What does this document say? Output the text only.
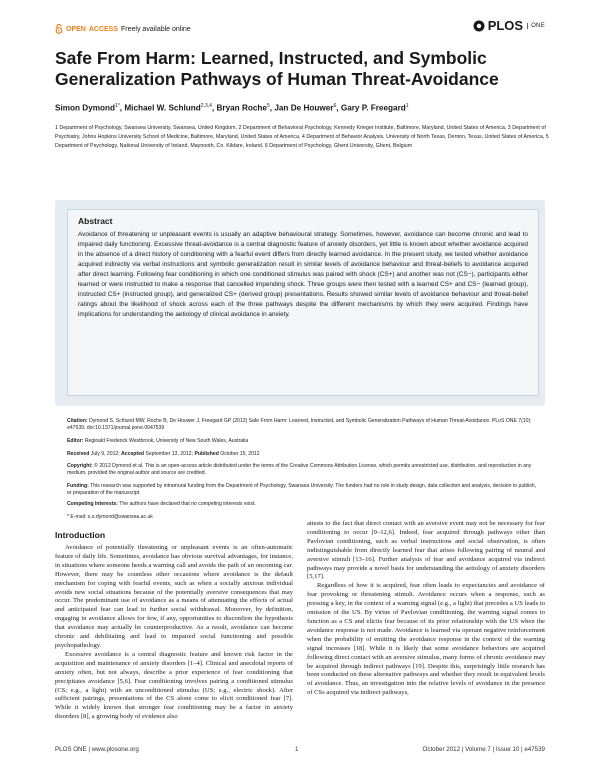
OPEN ACCESS Freely available online	PLOS	ONE
Safe From Harm: Learned, Instructed, and Symbolic Generalization Pathways of Human Threat-Avoidance
Simon Dymond$^{1*}$, Michael W. Schlund$^{2,3,4}$, Bryan Roche$^5$, Jan De Houwer$^6$, Gary P. Freegard$^1$
1 Department of Psychology, Swansea University, Swansea, United Kingdom, 2 Department of Behavioral Psychology, Kennedy Krieger Institute, Baltimore, Maryland, United States of America, 3 Department of Psychiatry, Johns Hopkins University School of Medicine, Baltimore, Maryland, United States of America, 4 Department of Behavior Analysis, University of North Texas, Denton, Texas, United States of America, 5 Department of Psychology, National University of Ireland, Maynooth, Co. Kildare, Ireland, 6 Department of Psychology, Ghent University, Ghent, Belgium
Abstract
Avoidance of threatening or unpleasant events is usually an adaptive behavioural strategy. Sometimes, however, avoidance can become chronic and lead to impaired daily functioning. Excessive threat-avoidance is a central diagnostic feature of anxiety disorders, yet little is known about whether avoidance acquired in the absence of a direct history of conditioning with a fearful event differs from directly learned avoidance. In the present study, we tested whether avoidance acquired indirectly via verbal instructions and symbolic generalization result in similar levels of avoidance behaviour and threat-beliefs to avoidance acquired after direct learning. Following fear conditioning in which one conditioned stimulus was paired with shock (CS+) and another was not (CS−), participants either learned or were instructed to make a response that cancelled impending shock. Three groups were then tested with a learned CS+ and CS− (learned group), instructed CS+ (instructed group), and generalized CS+ (derived group) presentations. Results showed similar levels of avoidance behaviour and threat-belief ratings about the likelihood of shock across each of the three pathways despite the different mechanisms by which they were acquired. Findings have implications for understanding the aetiology of clinical avoidance in anxiety.
Citation: Dymond S, Schlund MW, Roche B, De Houwer J, Freegard GP (2012) Safe From Harm: Learned, Instructed, and Symbolic Generalization Pathways of Human Threat-Avoidance. PLoS ONE 7(10): e47539. doi:10.1371/journal.pone.0047539
Editor: Reginald Frederick Westbrook, University of New South Wales, Australia
Received July 9, 2012; Accepted September 13, 2012; Published October 15, 2012
Copyright: © 2012 Dymond et al. This is an open-access article distributed under the terms of the Creative Commons Attribution License, which permits unrestricted use, distribution, and reproduction in any medium, provided the original author and source are credited.
Funding: This research was supported by intramural funding from the Department of Psychology, Swansea University. The funders had no role in study design, data collection and analysis, decision to publish, or preparation of the manuscript.
Competing Interests: The authors have declared that no competing interests exist.
* E-mail: s.o.dymond@swansea.ac.uk
Introduction

Avoidance of potentially threatening or unpleasant events is an often-automatic feature of daily life. Sometimes, avoidance has obvious survival advantages, for instance, in situations where someone heeds a warning call and avoids the path of an oncoming car. However, there may be countless other occasions where avoidance is the default mechanism for coping with fearful events, such as when a socially anxious individual avoids new social situations because of the potentially aversive consequences that may occur. The predominant use of avoidance as a means of attenuating the effects of actual and anticipated fear can lead to further social withdrawal. Moreover, by definition, engaging in avoidance allows for few, if any, opportunities to disconfirm the hypothesis that avoidance may actually be counterproductive. As a result, avoidance can become chronic and debilitating and lead to impaired social functioning and possible psychopathology.

Excessive avoidance is a central diagnostic feature and known risk factor in the acquisition and maintenance of anxiety disorders [1–4]. Clinical and anecdotal reports of anxiety often, but not always, describe a prior experience of fear conditioning that precipitates avoidance [5,6]. Fear conditioning involves pairing a conditioned stimulus (CS; e.g., a light) with an unconditioned stimulus (US; e.g., electric shock). After sufficient pairings, presentations of the CS alone come to elicit conditioned fear [7]. While it widely known that stronger fear conditioning may be a factor in anxiety disorders [8], a growing body of evidence also

attests to the fact that direct contact with an aversive event may not be necessary for fear conditioning to occur [9–12,6]. Indeed, fear acquired through pathways other than Pavlovian conditioning, such as verbal instructions and social observation, is often indistinguishable from directly learned fear that arises following pairing of neutral and aversive stimuli [13–16]. Further analysis of fear and avoidance acquired via indirect pathways may provide a novel basis for understanding the aetiology of anxiety disorders [5,17].

Regardless of how it is acquired, fear often leads to expectancies and avoidance of fear provoking or threatening stimuli. Avoidance occurs when a response, such as pressing a key, in the context of a warning signal (e.g., a light) that precedes a US leads to omission of the US. By virtue of Pavlovian conditioning, the warning signal comes to function as a CS and elicits fear because of its prior relationship with the US when the avoidance response is not made. Avoidance is learned via operant negative reinforcement when the probability of emitting the avoidance response in the context of the warning signal increases [18]. While it is likely that some avoidance behaviors are acquired following direct contact with an aversive stimulus, many forms of chronic avoidance may be acquired through indirect pathways [19]. Despite this, surprisingly little research has been conducted on these alternative pathways and whether they result in equivalent levels of avoidance. Thus, an investigation into the relative levels of avoidance in the presence of CSs acquired via indirect pathways,

PLOS ONE | www.plosone.org	1	October 2012 | Volume 7 | Issue 10 | e47539
